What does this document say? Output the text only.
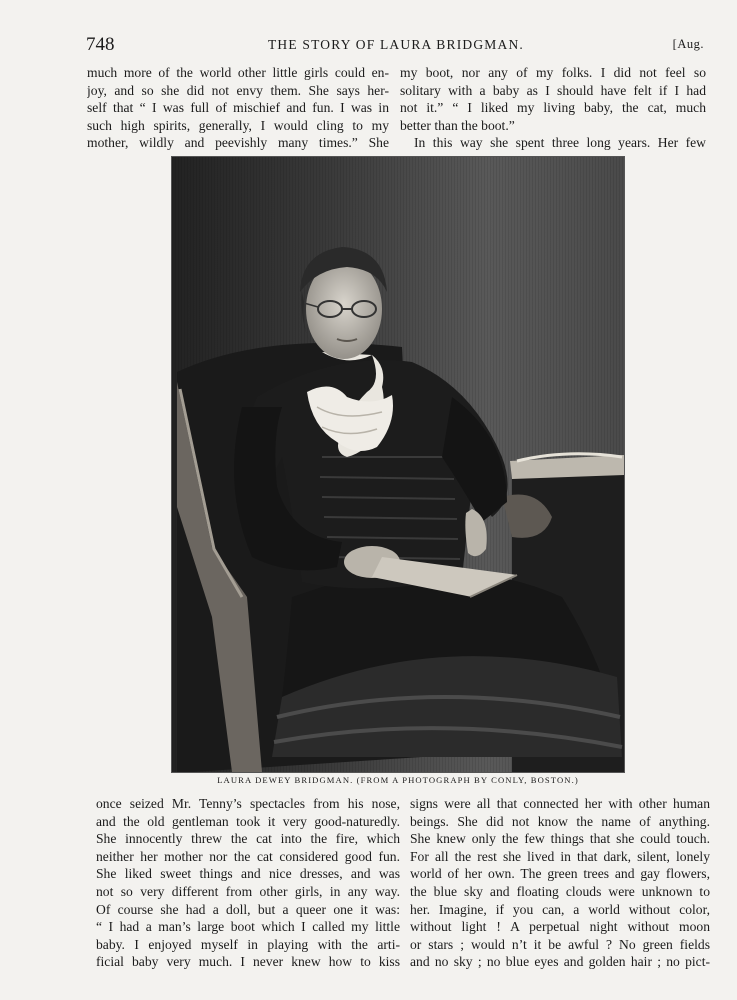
748	THE STORY OF LAURA BRIDGMAN.	[Aug.
much more of the world other little girls could en-
joy, and so she did not envy them. She says her-
self that “ I was full of mischief and fun. I was in
such high spirits, generally, I would cling to my
mother, wildly and peevishly many times.” She
my boot, nor any of my folks. I did not feel so
solitary with a baby as I should have felt if I had
not it.” “ I liked my living baby, the cat, much
better than the boot.”
In this way she spent three long years. Her few
LAURA DEWEY BRIDGMAN. (FROM A PHOTOGRAPH BY CONLY, BOSTON.)
once seized Mr. Tenny’s spectacles from his nose,
and the old gentleman took it very good-naturedly.
She innocently threw the cat into the fire, which
neither her mother nor the cat considered good fun.
She liked sweet things and nice dresses, and was
not so very different from other girls, in any way.
Of course she had a doll, but a queer one it was:
“ I had a man’s large boot which I called my little
baby. I enjoyed myself in playing with the arti-
ficial baby very much. I never knew how to kiss
signs were all that connected her with other human
beings. She did not know the name of anything.
She knew only the few things that she could touch.
For all the rest she lived in that dark, silent, lonely
world of her own. The green trees and gay flowers,
the blue sky and floating clouds were unknown to
her. Imagine, if you can, a world without color,
without light ! A perpetual night without moon
or stars ; would n’t it be awful ? No green fields
and no sky ; no blue eyes and golden hair ; no pict-
